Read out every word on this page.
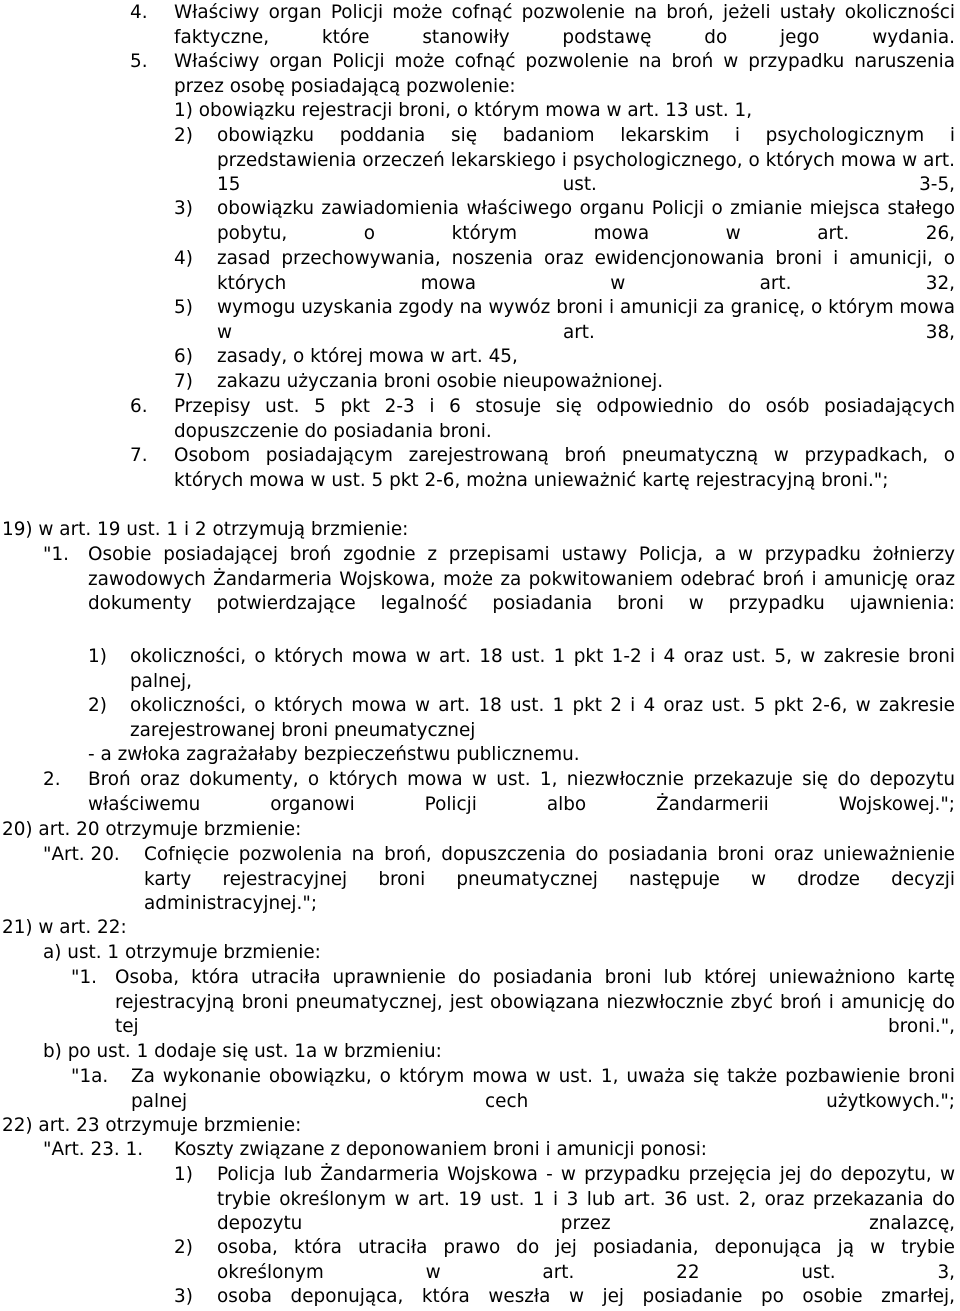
4. Właściwy organ Policji może cofnąć pozwolenie na broń, jeżeli ustały okoliczności faktyczne, które stanowiły podstawę do jego wydania.
5. Właściwy organ Policji może cofnąć pozwolenie na broń w przypadku naruszenia przez osobę posiadającą pozwolenie:
1) obowiązku rejestracji broni, o którym mowa w art. 13 ust. 1,
2) obowiązku poddania się badaniom lekarskim i psychologicznym i przedstawienia orzeczeń lekarskiego i psychologicznego, o których mowa w art. 15 ust. 3-5,
3) obowiązku zawiadomienia właściwego organu Policji o zmianie miejsca stałego pobytu, o którym mowa w art. 26,
4) zasad przechowywania, noszenia oraz ewidencjonowania broni i amunicji, o których mowa w art. 32,
5) wymogu uzyskania zgody na wywóz broni i amunicji za granicę, o którym mowa w art. 38,
6) zasady, o której mowa w art. 45,
7) zakazu użyczania broni osobie nieupoważnionej.
6. Przepisy ust. 5 pkt 2-3 i 6 stosuje się odpowiednio do osób posiadających dopuszczenie do posiadania broni.
7. Osobom posiadającym zarejestrowaną broń pneumatyczną w przypadkach, o których mowa w ust. 5 pkt 2-6, można unieważnić kartę rejestracyjną broni.";
19) w art. 19 ust. 1 i 2 otrzymują brzmienie:
"1. Osobie posiadającej broń zgodnie z przepisami ustawy Policja, a w przypadku żołnierzy zawodowych Żandarmeria Wojskowa, może za pokwitowaniem odebrać broń i amunicję oraz dokumenty potwierdzające legalność posiadania broni w przypadku ujawnienia:
1) okoliczności, o których mowa w art. 18 ust. 1 pkt 1-2 i 4 oraz ust. 5, w zakresie broni palnej,
2) okoliczności, o których mowa w art. 18 ust. 1 pkt 2 i 4 oraz ust. 5 pkt 2-6, w zakresie zarejestrowanej broni pneumatycznej
- a zwłoka zagrażałaby bezpieczeństwu publicznemu.
2. Broń oraz dokumenty, o których mowa w ust. 1, niezwłocznie przekazuje się do depozytu właściwemu organowi Policji albo Żandarmerii Wojskowej.";
20) art. 20 otrzymuje brzmienie:
"Art. 20. Cofnięcie pozwolenia na broń, dopuszczenia do posiadania broni oraz unieważnienie karty rejestracyjnej broni pneumatycznej następuje w drodze decyzji administracyjnej.";
21) w art. 22:
a) ust. 1 otrzymuje brzmienie:
"1. Osoba, która utraciła uprawnienie do posiadania broni lub której unieważniono kartę rejestracyjną broni pneumatycznej, jest obowiązana niezwłocznie zbyć broń i amunicję do tej broni.",
b) po ust. 1 dodaje się ust. 1a w brzmieniu:
"1a. Za wykonanie obowiązku, o którym mowa w ust. 1, uważa się także pozbawienie broni palnej cech użytkowych.";
22) art. 23 otrzymuje brzmienie:
"Art. 23. 1. Koszty związane z deponowaniem broni i amunicji ponosi:
1) Policja lub Żandarmeria Wojskowa - w przypadku przejęcia jej do depozytu, w trybie określonym w art. 19 ust. 1 i 3 lub art. 36 ust. 2, oraz przekazania do depozytu przez znalazcę,
2) osoba, która utraciła prawo do jej posiadania, deponująca ją w trybie określonym w art. 22 ust. 3,
3) osoba deponująca, która weszła w jej posiadanie po osobie zmarłej,
